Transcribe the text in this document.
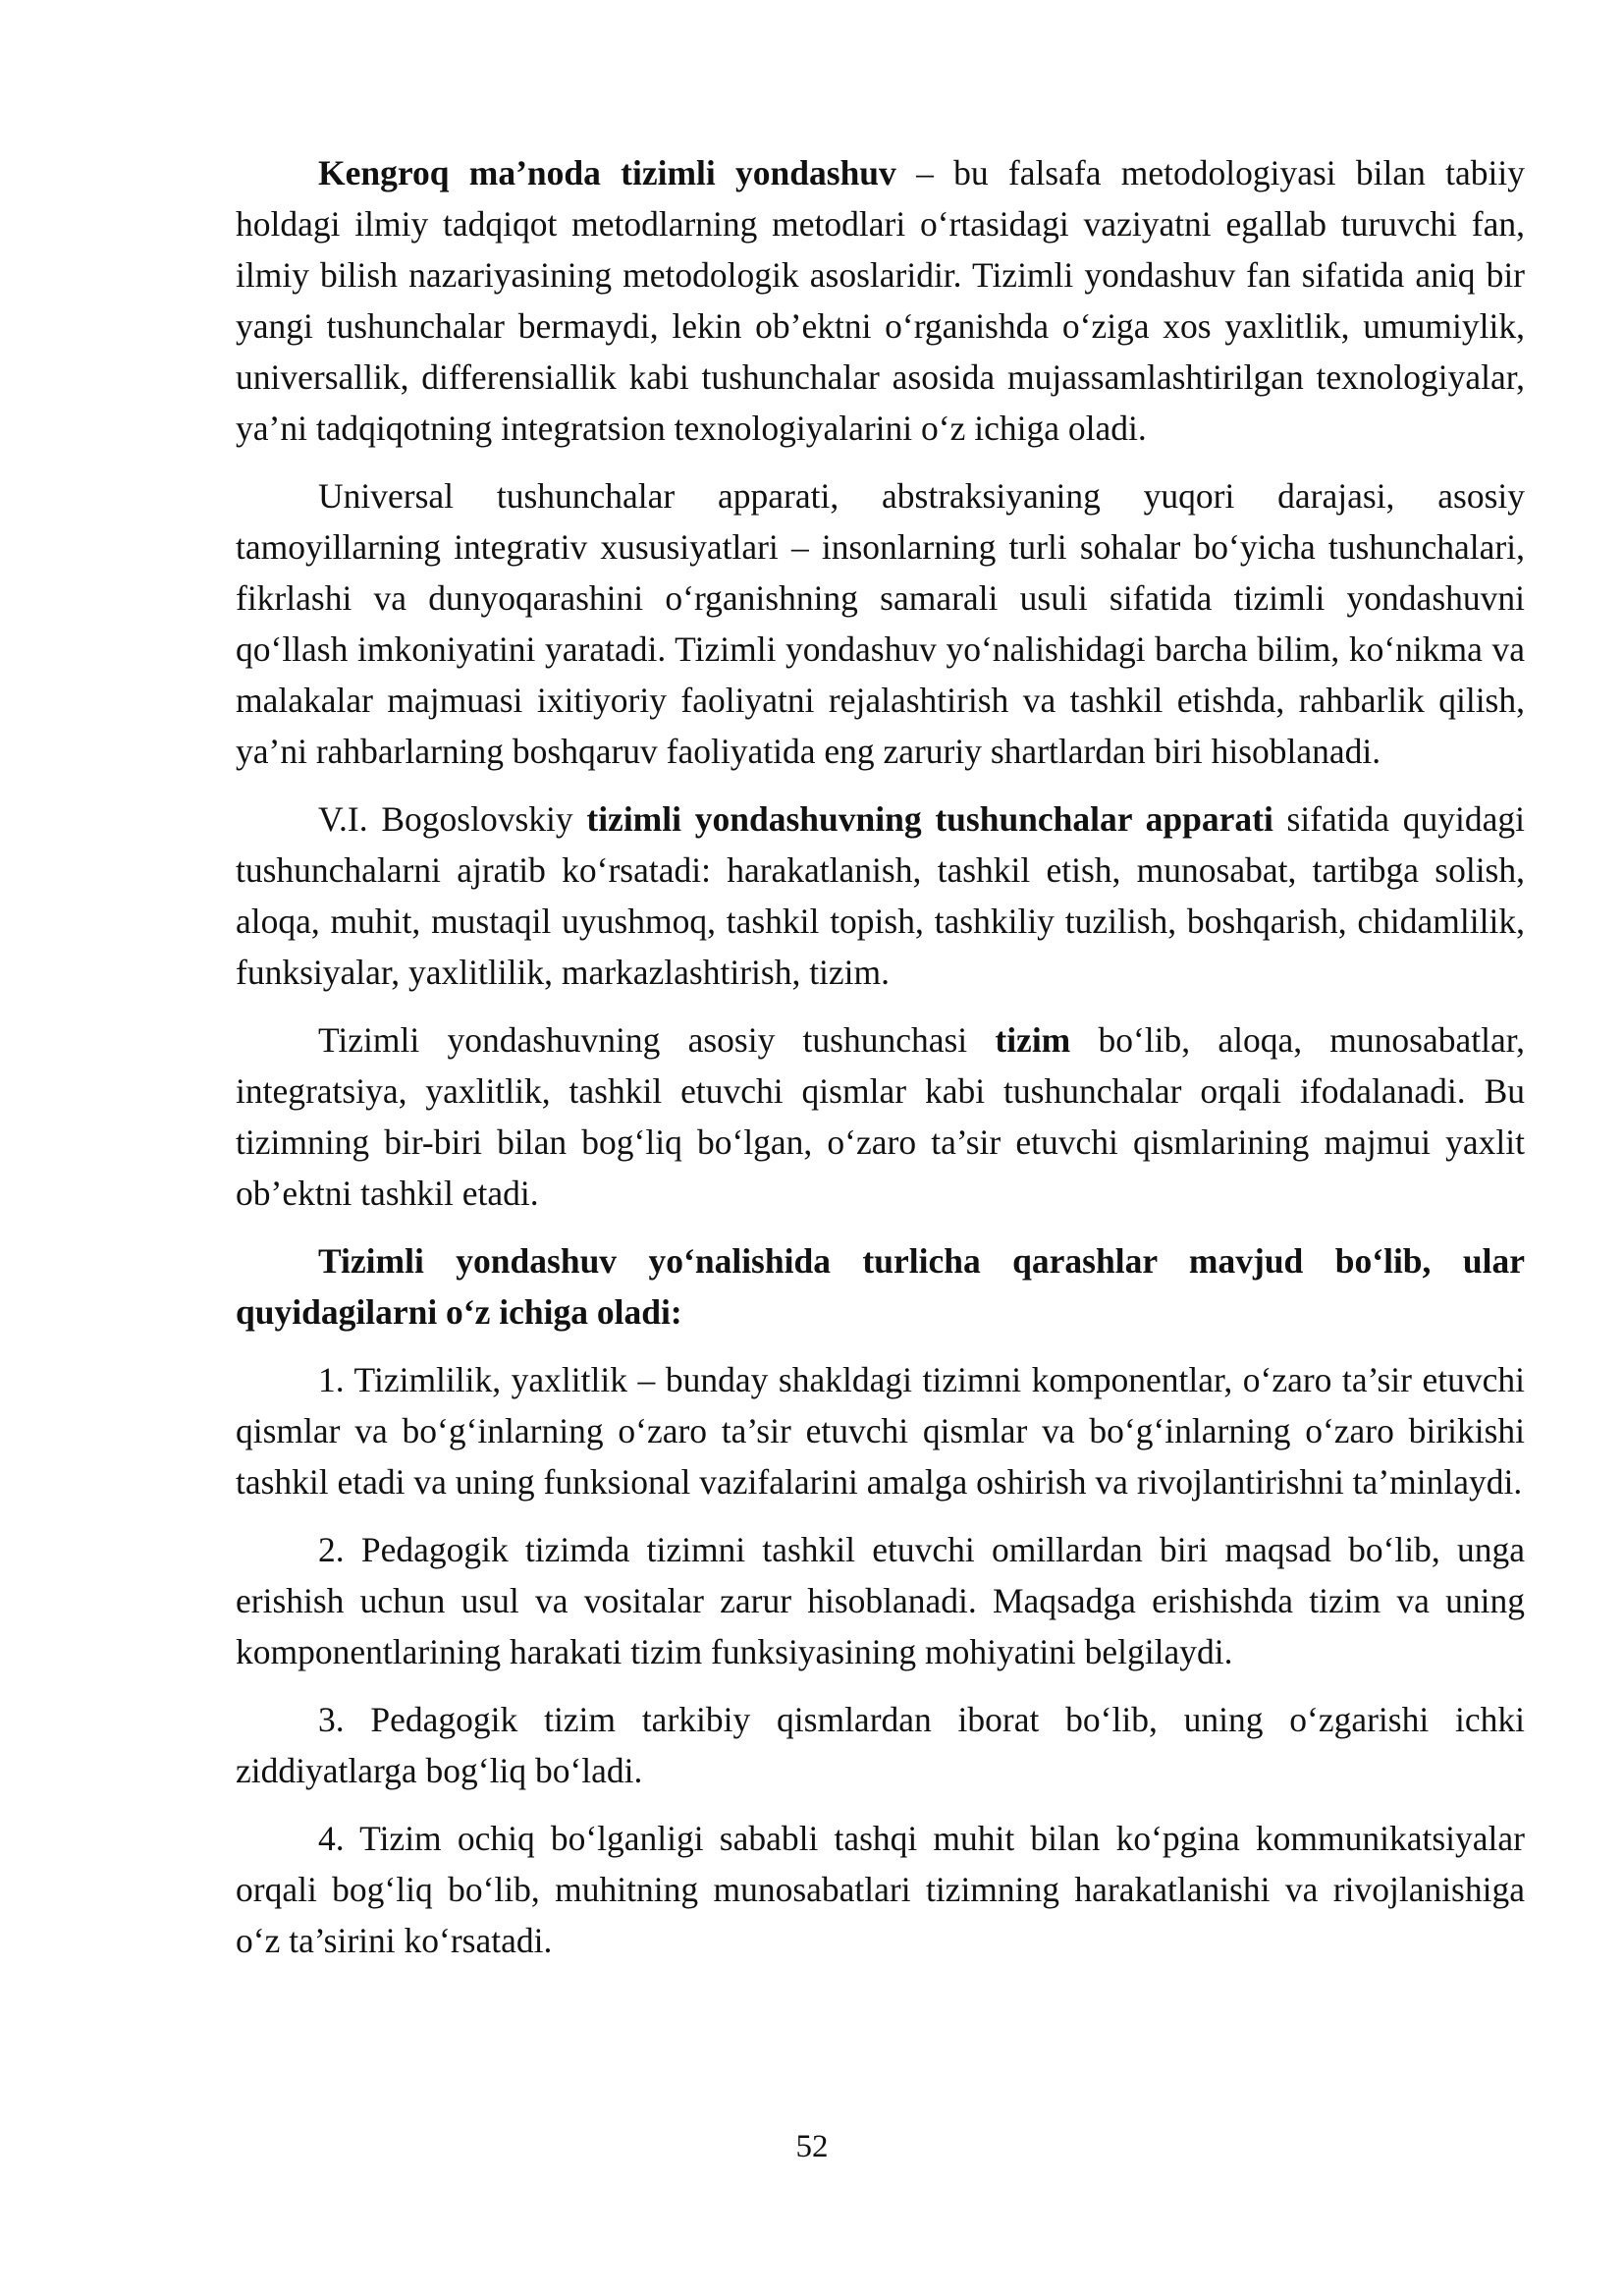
Kengroq ma’noda tizimli yondashuv – bu falsafa metodologiyasi bilan tabiiy holdagi ilmiy tadqiqot metodlarning metodlari o‘rtasidagi vaziyatni egallab turuvchi fan, ilmiy bilish nazariyasining metodologik asoslaridir. Tizimli yondashuv fan sifatida aniq bir yangi tushunchalar bermaydi, lekin ob’ektni o‘rganishda o‘ziga xos yaxlitlik, umumiylik, universallik, differensiallik kabi tushunchalar asosida mujassamlashtirilgan texnologiyalar, ya’ni tadqiqotning integratsion texnologiyalarini o‘z ichiga oladi.

Universal tushunchalar apparati, abstraksiyaning yuqori darajasi, asosiy tamoyillarning integrativ xususiyatlari – insonlarning turli sohalar bo‘yicha tushunchalari, fikrlashi va dunyoqarashini o‘rganishning samarali usuli sifatida tizimli yondashuvni qo‘llash imkoniyatini yaratadi. Tizimli yondashuv yo‘nalishidagi barcha bilim, ko‘nikma va malakalar majmuasi ixitiyoriy faoliyatni rejalashtirish va tashkil etishda, rahbarlik qilish, ya’ni rahbarlarning boshqaruv faoliyatida eng zaruriy shartlardan biri hisoblanadi.

V.I. Bogoslovskiy tizimli yondashuvning tushunchalar apparati sifatida quyidagi tushunchalarni ajratib ko‘rsatadi: harakatlanish, tashkil etish, munosabat, tartibga solish, aloqa, muhit, mustaqil uyushmoq, tashkil topish, tashkiliy tuzilish, boshqarish, chidamlilik, funksiyalar, yaxlitlilik, markazlashtirish, tizim.

Tizimli yondashuvning asosiy tushunchasi tizim bo‘lib, aloqa, munosabatlar, integratsiya, yaxlitlik, tashkil etuvchi qismlar kabi tushunchalar orqali ifodalanadi. Bu tizimning bir-biri bilan bog‘liq bo‘lgan, o‘zaro ta’sir etuvchi qismlarining majmui yaxlit ob’ektni tashkil etadi.

Tizimli yondashuv yo‘nalishida turlicha qarashlar mavjud bo‘lib, ular quyidagilarni o‘z ichiga oladi:

1. Tizimlilik, yaxlitlik – bunday shakldagi tizimni komponentlar, o‘zaro ta’sir etuvchi qismlar va bo‘g‘inlarning o‘zaro ta’sir etuvchi qismlar va bo‘g‘inlarning o‘zaro birikishi tashkil etadi va uning funksional vazifalarini amalga oshirish va rivojlantirishni ta’minlaydi.

2. Pedagogik tizimda tizimni tashkil etuvchi omillardan biri maqsad bo‘lib, unga erishish uchun usul va vositalar zarur hisoblanadi. Maqsadga erishishda tizim va uning komponentlarining harakati tizim funksiyasining mohiyatini belgilaydi.

3. Pedagogik tizim tarkibiy qismlardan iborat bo‘lib, uning o‘zgarishi ichki ziddiyatlarga bog‘liq bo‘ladi.

4. Tizim ochiq bo‘lganligi sababli tashqi muhit bilan ko‘pgina kommunikatsiyalar orqali bog‘liq bo‘lib, muhitning munosabatlari tizimning harakatlanishi va rivojlanishiga o‘z ta’sirini ko‘rsatadi.

52
